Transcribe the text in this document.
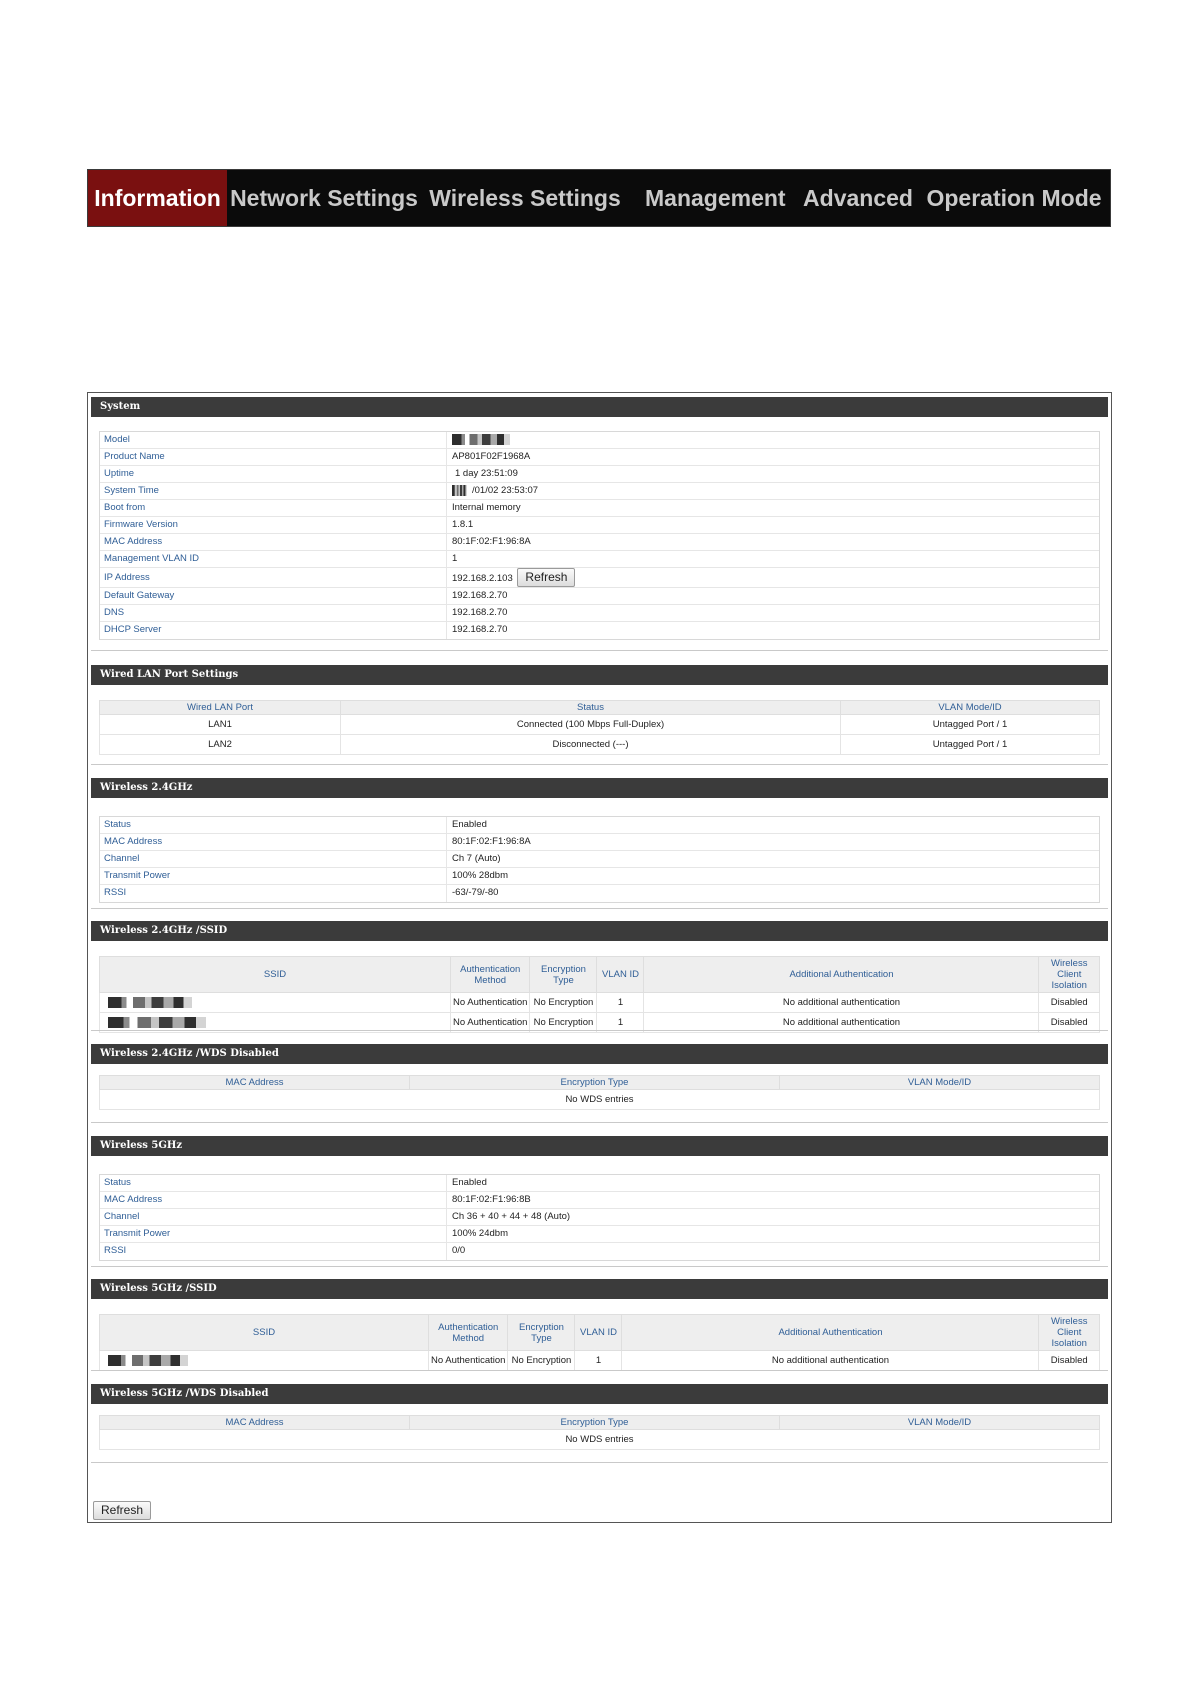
Information Network Settings Wireless Settings Management Advanced Operation Mode
System
Model
Product Name	AP801F02F1968A
Uptime	1 day 23:51:09
System Time	/01/02 23:53:07
Boot from	Internal memory
Firmware Version	1.8.1
MAC Address	80:1F:02:F1:96:8A
Management VLAN ID	1
IP Address	192.168.2.103 Refresh
Default Gateway	192.168.2.70
DNS	192.168.2.70
DHCP Server	192.168.2.70
Wired LAN Port Settings
Wired LAN Port	Status	VLAN Mode/ID
LAN1	Connected (100 Mbps Full-Duplex)	Untagged Port / 1
LAN2	Disconnected (---)	Untagged Port / 1
Wireless 2.4GHz
Status	Enabled
MAC Address	80:1F:02:F1:96:8A
Channel	Ch 7 (Auto)
Transmit Power	100% 28dbm
RSSI	-63/-79/-80
Wireless 2.4GHz /SSID
SSID	Authentication Method	Encryption Type	VLAN ID	Additional Authentication	Wireless Client Isolation
	No Authentication	No Encryption	1	No additional authentication	Disabled
	No Authentication	No Encryption	1	No additional authentication	Disabled
Wireless 2.4GHz /WDS Disabled
MAC Address	Encryption Type	VLAN Mode/ID
No WDS entries
Wireless 5GHz
Status	Enabled
MAC Address	80:1F:02:F1:96:8B
Channel	Ch 36 + 40 + 44 + 48 (Auto)
Transmit Power	100% 24dbm
RSSI	0/0
Wireless 5GHz /SSID
SSID	Authentication Method	Encryption Type	VLAN ID	Additional Authentication	Wireless Client Isolation
	No Authentication	No Encryption	1	No additional authentication	Disabled
Wireless 5GHz /WDS Disabled
MAC Address	Encryption Type	VLAN Mode/ID
No WDS entries
Refresh
